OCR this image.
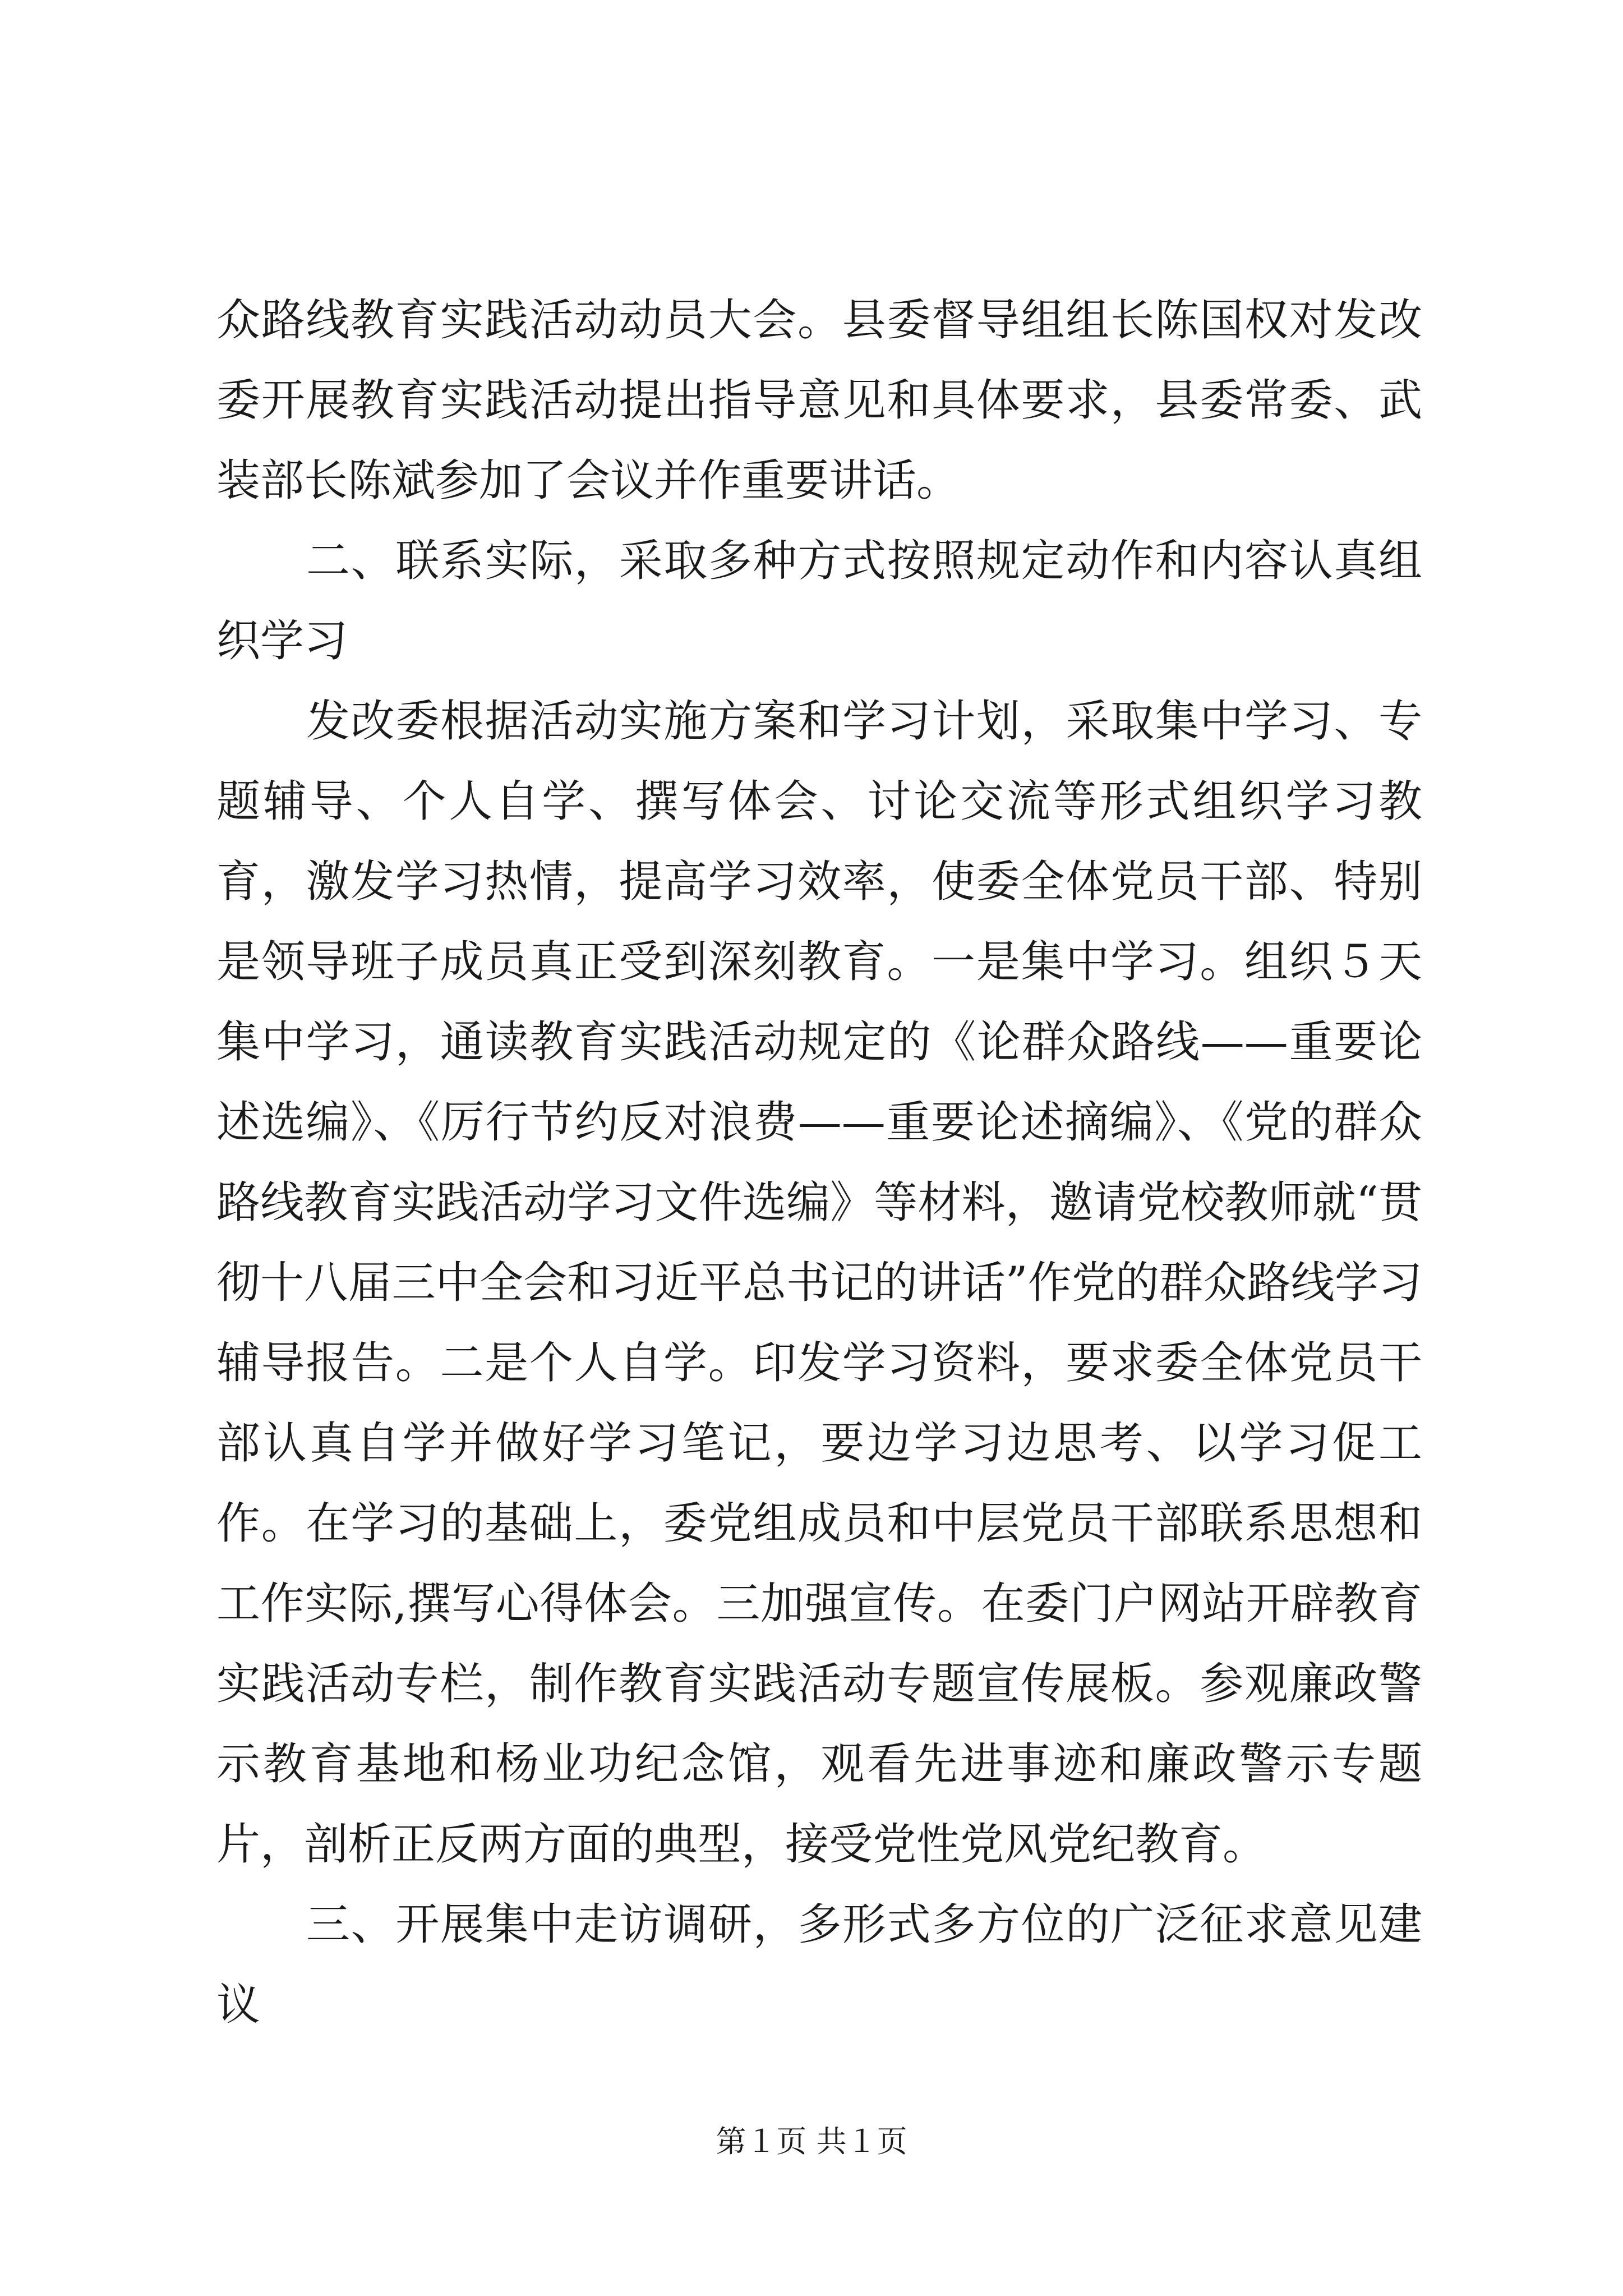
众路线教育实践活动动员大会。县委督导组组长陈国权对发改委开展教育实践活动提出指导意见和具体要求，县委常委、武装部长陈斌参加了会议并作重要讲话。

二、联系实际，采取多种方式按照规定动作和内容认真组织学习

发改委根据活动实施方案和学习计划，采取集中学习、专题辅导、个人自学、撰写体会、讨论交流等形式组织学习教育，激发学习热情，提高学习效率，使委全体党员干部、特别是领导班子成员真正受到深刻教育。一是集中学习。组织５天集中学习，通读教育实践活动规定的《论群众路线——重要论述选编》、《厉行节约反对浪费——重要论述摘编》、《党的群众路线教育实践活动学习文件选编》等材料，邀请党校教师就“贯彻十八届三中全会和习近平总书记的讲话”作党的群众路线学习辅导报告。二是个人自学。印发学习资料，要求委全体党员干部认真自学并做好学习笔记，要边学习边思考、以学习促工作。在学习的基础上，委党组成员和中层党员干部联系思想和工作实际,撰写心得体会。三加强宣传。在委门户网站开辟教育实践活动专栏，制作教育实践活动专题宣传展板。参观廉政警示教育基地和杨业功纪念馆，观看先进事迹和廉政警示专题片，剖析正反两方面的典型，接受党性党风党纪教育。

三、开展集中走访调研，多形式多方位的广泛征求意见建议

第１页 共１页
